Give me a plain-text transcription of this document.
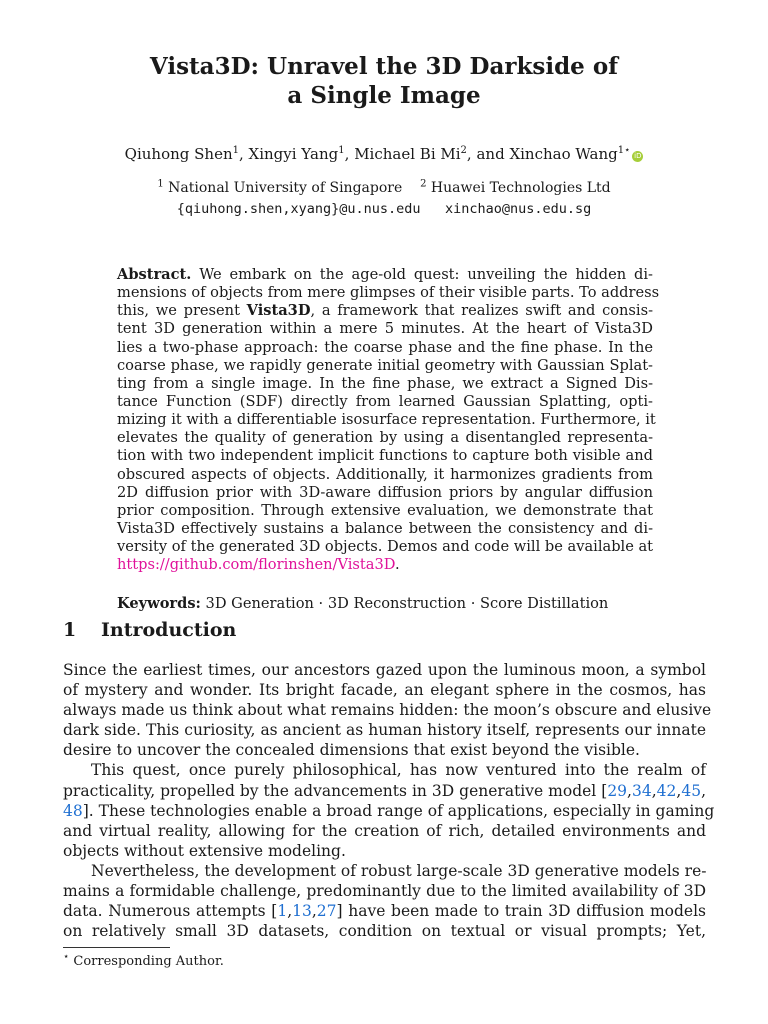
Vista3D: Unravel the 3D Darkside of
a Single Image
Qiuhong Shen$^1$, Xingyi Yang$^1$, Michael Bi Mi$^2$, and Xinchao Wang$^{1⋆}$ iD
$^1$ National University of Singapore $^2$ Huawei Technologies Ltd
{qiuhong.shen,xyang}@u.nus.edu xinchao@nus.edu.sg
Abstract. We embark on the age-old quest: unveiling the hidden di-
mensions of objects from mere glimpses of their visible parts. To address
this, we present Vista3D, a framework that realizes swift and consis-
tent 3D generation within a mere 5 minutes. At the heart of Vista3D
lies a two-phase approach: the coarse phase and the fine phase. In the
coarse phase, we rapidly generate initial geometry with Gaussian Splat-
ting from a single image. In the fine phase, we extract a Signed Dis-
tance Function (SDF) directly from learned Gaussian Splatting, opti-
mizing it with a differentiable isosurface representation. Furthermore, it
elevates the quality of generation by using a disentangled representa-
tion with two independent implicit functions to capture both visible and
obscured aspects of objects. Additionally, it harmonizes gradients from
2D diffusion prior with 3D-aware diffusion priors by angular diffusion
prior composition. Through extensive evaluation, we demonstrate that
Vista3D effectively sustains a balance between the consistency and di-
versity of the generated 3D objects. Demos and code will be available at
https://github.com/florinshen/Vista3D.
Keywords: 3D Generation · 3D Reconstruction · Score Distillation
1 Introduction
Since the earliest times, our ancestors gazed upon the luminous moon, a symbol
of mystery and wonder. Its bright facade, an elegant sphere in the cosmos, has
always made us think about what remains hidden: the moon’s obscure and elusive
dark side. This curiosity, as ancient as human history itself, represents our innate
desire to uncover the concealed dimensions that exist beyond the visible.
This quest, once purely philosophical, has now ventured into the realm of
practicality, propelled by the advancements in 3D generative model [29,34,42,45,
48]. These technologies enable a broad range of applications, especially in gaming
and virtual reality, allowing for the creation of rich, detailed environments and
objects without extensive modeling.
Nevertheless, the development of robust large-scale 3D generative models re-
mains a formidable challenge, predominantly due to the limited availability of 3D
data. Numerous attempts [1,13,27] have been made to train 3D diffusion models
on relatively small 3D datasets, condition on textual or visual prompts; Yet,
⋆ Corresponding Author.
